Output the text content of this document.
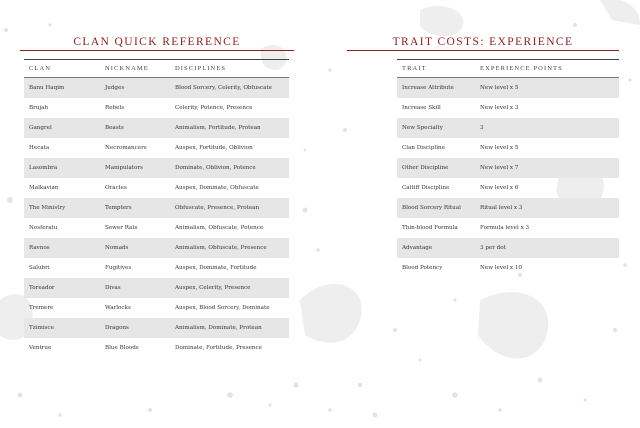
CLAN QUICK REFERENCE
CLAN	NICKNAME	DISCIPLINES
Banu Haqim	Judges	Blood Sorcery, Celerity, Obfuscate
Brujah	Rebels	Celerity, Potence, Presence
Gangrel	Beasts	Animalism, Fortitude, Protean
Hecata	Necromancers	Auspex, Fortitude, Oblivion
Lasombra	Manipulators	Dominate, Oblivion, Potence
Malkavian	Oracles	Auspex, Dominate, Obfuscate
The Ministry	Tempters	Obfuscate, Presence, Protean
Nosferatu	Sewer Rats	Animalism, Obfuscate, Potence
Ravnos	Nomads	Animalism, Obfuscate, Presence
Salubri	Fugitives	Auspex, Dominate, Fortitude
Toreador	Divas	Auspex, Celerity, Presence
Tremere	Warlocks	Auspex, Blood Sorcery, Dominate
Tzimisce	Dragons	Animalism, Dominate, Protean
Ventrue	Blue Bloods	Dominate, Fortitude, Presence
TRAIT COSTS: EXPERIENCE
TRAIT	EXPERIENCE POINTS
Increase Attribute	New level x 5
Increase Skill	New level x 3
New Specialty	3
Clan Discipline	New level x 5
Other Discipline	New level x 7
Caitiff Discipline	New level x 6
Blood Sorcery Ritual	Ritual level x 3
Thin-blood Formula	Formula level x 3
Advantage	3 per dot
Blood Potency	New level x 10
